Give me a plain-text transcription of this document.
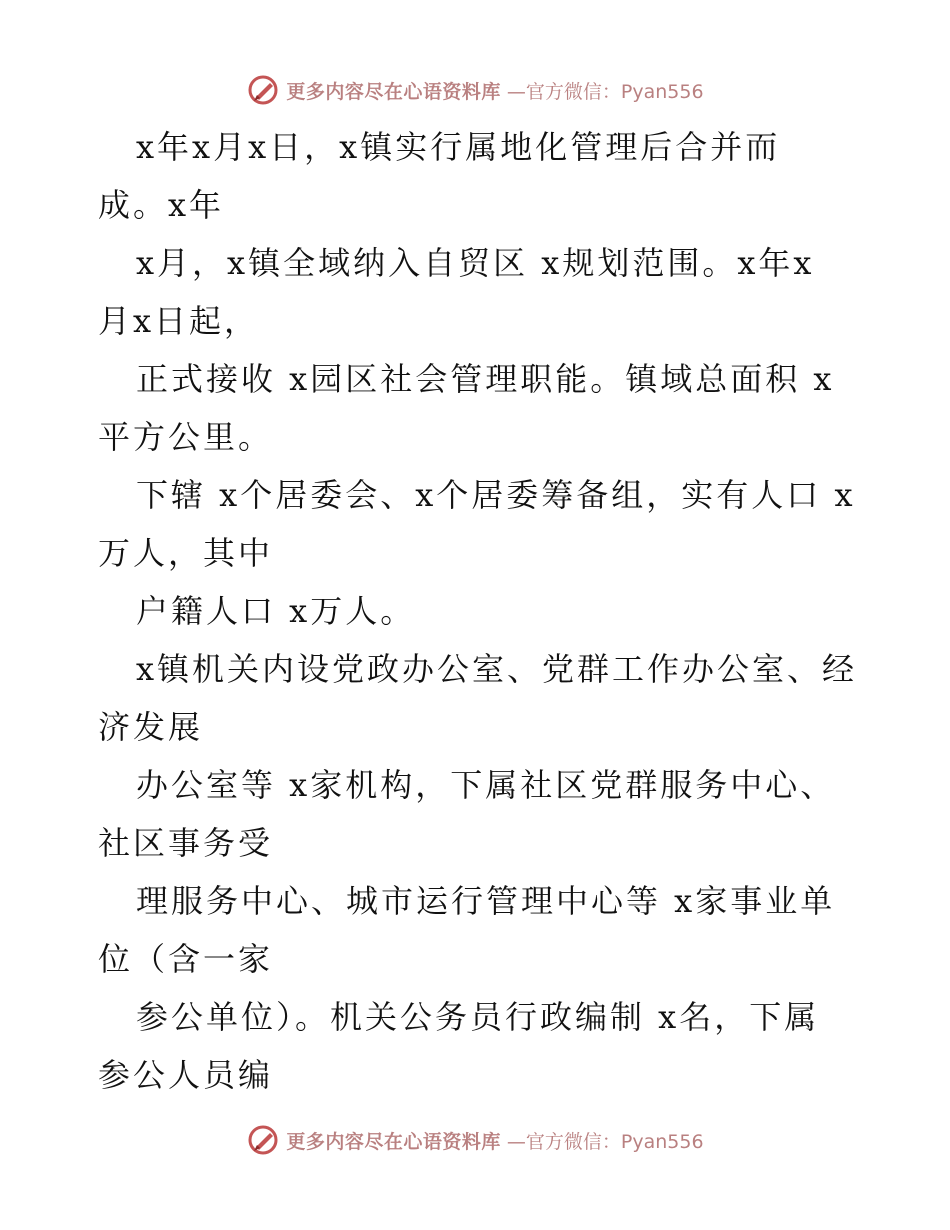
更多内容尽在心语资料库 —官方微信：Pyan556
x年x月x日，x镇实行属地化管理后合并而
成。x年
x月，x镇全域纳入自贸区 x规划范围。x年x
月x日起，
正式接收 x园区社会管理职能。镇域总面积 x
平方公里。
下辖 x个居委会、x个居委筹备组，实有人口 x
万人，其中
户籍人口 x万人。
x镇机关内设党政办公室、党群工作办公室、经
济发展
办公室等 x家机构，下属社区党群服务中心、
社区事务受
理服务中心、城市运行管理中心等 x家事业单
位（含一家
参公单位）。机关公务员行政编制 x名，下属
参公人员编
更多内容尽在心语资料库 —官方微信：Pyan556
